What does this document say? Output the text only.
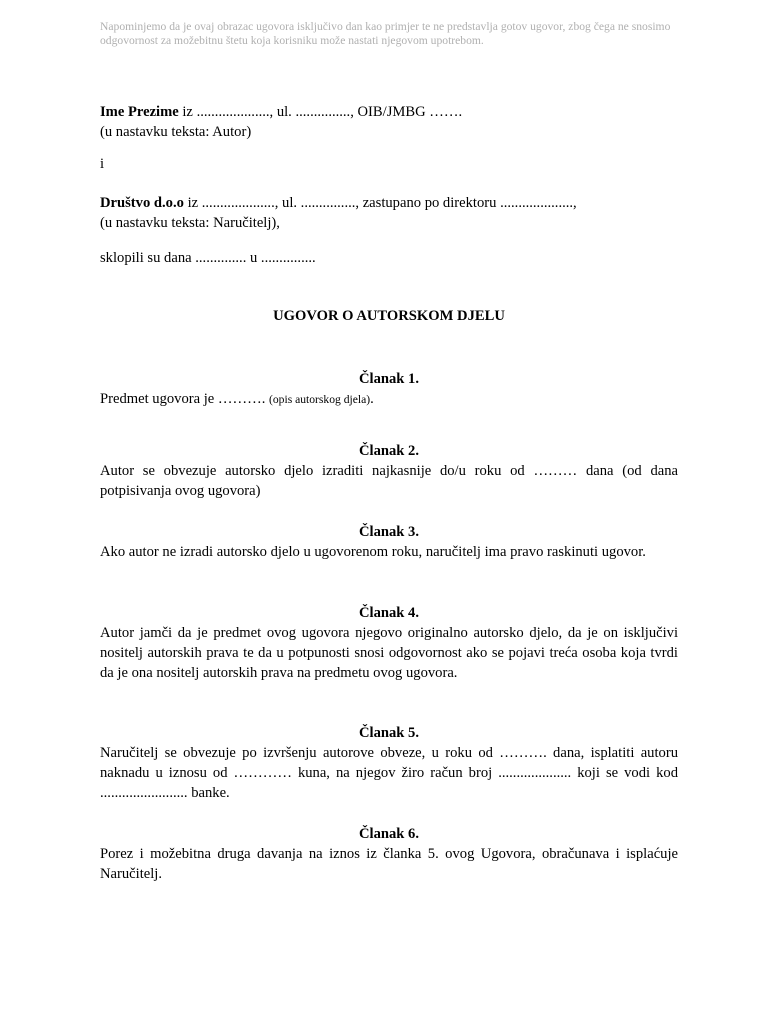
Napominjemo da je ovaj obrazac ugovora isključivo dan kao primjer te ne predstavlja gotov ugovor, zbog čega ne snosimo odgovornost za možebitnu štetu koja korisniku može nastati njegovom upotrebom.
Ime Prezime iz ...................., ul. ..............., OIB/JMBG …….
(u nastavku teksta: Autor)
i
Društvo d.o.o iz ...................., ul. ..............., zastupano po direktoru ....................,
(u nastavku teksta: Naručitelj),
sklopili su dana .............. u ...............
UGOVOR O AUTORSKOM DJELU
Članak 1.
Predmet ugovora je ………. (opis autorskog djela).
Članak 2.
Autor se obvezuje autorsko djelo izraditi najkasnije do/u roku od ……… dana (od dana potpisivanja ovog ugovora)
Članak 3.
Ako autor ne izradi autorsko djelo u ugovorenom roku, naručitelj ima pravo raskinuti ugovor.
Članak 4.
Autor jamči da je predmet ovog ugovora njegovo originalno autorsko djelo, da je on isključivi nositelj autorskih prava te da u potpunosti snosi odgovornost ako se pojavi treća osoba koja tvrdi da je ona nositelj autorskih prava na predmetu ovog ugovora.
Članak 5.
Naručitelj se obvezuje po izvršenju autorove obveze, u roku od ………. dana, isplatiti autoru naknadu u iznosu od ………… kuna, na njegov žiro račun broj .................... koji se vodi kod ........................ banke.
Članak 6.
Porez i možebitna druga davanja na iznos iz članka 5. ovog Ugovora, obračunava i isplaćuje Naručitelj.
